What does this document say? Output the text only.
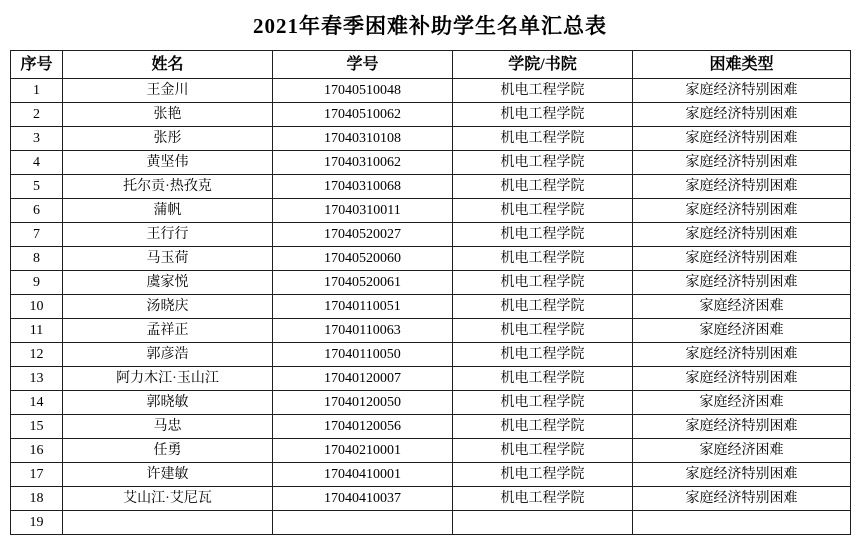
2021年春季困难补助学生名单汇总表
序号	姓名	学号	学院/书院	困难类型
1	王金川	17040510048	机电工程学院	家庭经济特别困难
2	张艳	17040510062	机电工程学院	家庭经济特别困难
3	张彤	17040310108	机电工程学院	家庭经济特别困难
4	黄坚伟	17040310062	机电工程学院	家庭经济特别困难
5	托尔贡·热孜克	17040310068	机电工程学院	家庭经济特别困难
6	蒲帆	17040310011	机电工程学院	家庭经济特别困难
7	王行行	17040520027	机电工程学院	家庭经济特别困难
8	马玉荷	17040520060	机电工程学院	家庭经济特别困难
9	虞家悦	17040520061	机电工程学院	家庭经济特别困难
10	汤晓庆	17040110051	机电工程学院	家庭经济困难
11	孟祥正	17040110063	机电工程学院	家庭经济困难
12	郭彦浩	17040110050	机电工程学院	家庭经济特别困难
13	阿力木江·玉山江	17040120007	机电工程学院	家庭经济特别困难
14	郭晓敏	17040120050	机电工程学院	家庭经济困难
15	马忠	17040120056	机电工程学院	家庭经济特别困难
16	任勇	17040210001	机电工程学院	家庭经济困难
17	许建敏	17040410001	机电工程学院	家庭经济特别困难
18	艾山江·艾尼瓦	17040410037	机电工程学院	家庭经济特别困难
19				
